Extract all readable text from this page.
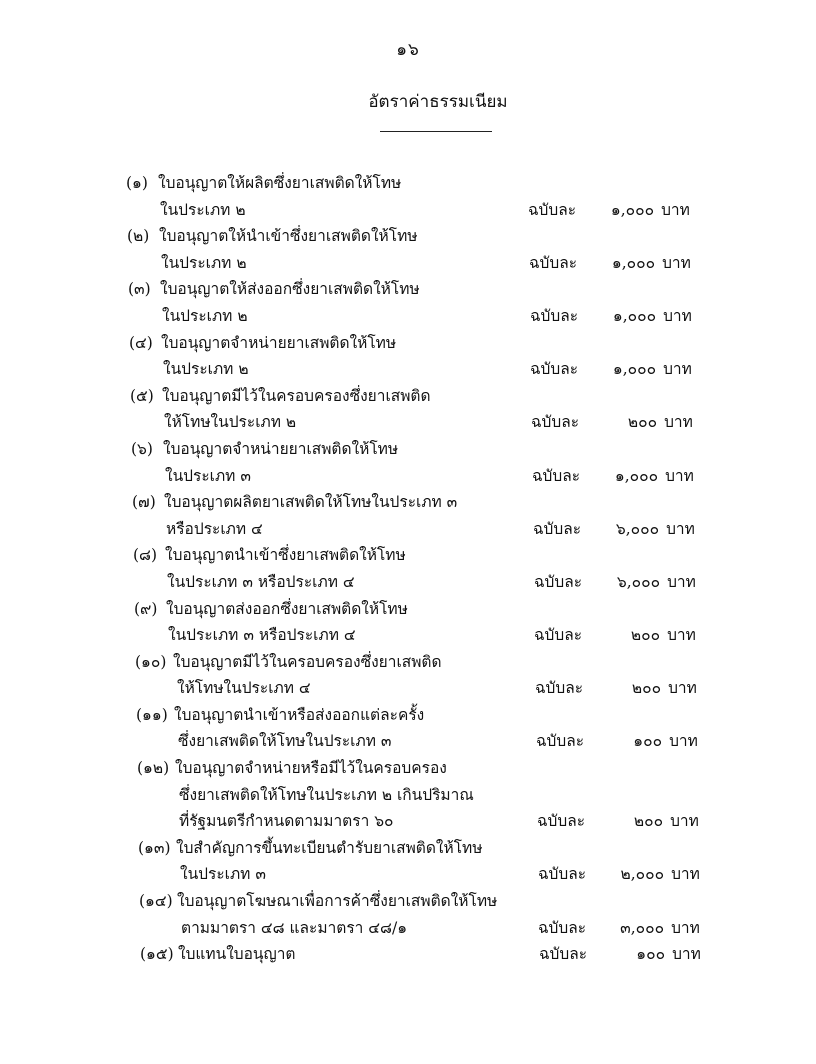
๑๖
อัตราค่าธรรมเนียม
(๑) ใบอนุญาตให้ผลิตซึ่งยาเสพติดให้โทษ
ในประเภท ๒	ฉบับละ ๑,๐๐๐ บาท
(๒) ใบอนุญาตให้นำเข้าซึ่งยาเสพติดให้โทษ
ในประเภท ๒	ฉบับละ ๑,๐๐๐ บาท
(๓) ใบอนุญาตให้ส่งออกซึ่งยาเสพติดให้โทษ
ในประเภท ๒	ฉบับละ ๑,๐๐๐ บาท
(๔) ใบอนุญาตจำหน่ายยาเสพติดให้โทษ
ในประเภท ๒	ฉบับละ ๑,๐๐๐ บาท
(๕) ใบอนุญาตมีไว้ในครอบครองซึ่งยาเสพติด
ให้โทษในประเภท ๒	ฉบับละ	๒๐๐ บาท
(๖) ใบอนุญาตจำหน่ายยาเสพติดให้โทษ
ในประเภท ๓	ฉบับละ ๑,๐๐๐ บาท
(๗) ใบอนุญาตผลิตยาเสพติดให้โทษในประเภท ๓
หรือประเภท ๔	ฉบับละ ๖,๐๐๐ บาท
(๘) ใบอนุญาตนำเข้าซึ่งยาเสพติดให้โทษ
ในประเภท ๓ หรือประเภท ๔	ฉบับละ ๖,๐๐๐ บาท
(๙) ใบอนุญาตส่งออกซึ่งยาเสพติดให้โทษ
ในประเภท ๓ หรือประเภท ๔	ฉบับละ	๒๐๐ บาท
(๑๐) ใบอนุญาตมีไว้ในครอบครองซึ่งยาเสพติด
ให้โทษในประเภท ๔	ฉบับละ	๒๐๐ บาท
(๑๑) ใบอนุญาตนำเข้าหรือส่งออกแต่ละครั้ง
ซึ่งยาเสพติดให้โทษในประเภท ๓	ฉบับละ	๑๐๐ บาท
(๑๒) ใบอนุญาตจำหน่ายหรือมีไว้ในครอบครอง
ซึ่งยาเสพติดให้โทษในประเภท ๒ เกินปริมาณ
ที่รัฐมนตรีกำหนดตามมาตรา ๖๐	ฉบับละ	๒๐๐ บาท
(๑๓) ใบสำคัญการขึ้นทะเบียนตำรับยาเสพติดให้โทษ
ในประเภท ๓	ฉบับละ ๒,๐๐๐ บาท
(๑๔) ใบอนุญาตโฆษณาเพื่อการค้าซึ่งยาเสพติดให้โทษ
ตามมาตรา ๔๘ และมาตรา ๔๘/๑	ฉบับละ ๓,๐๐๐ บาท
(๑๕) ใบแทนใบอนุญาต	ฉบับละ	๑๐๐ บาท
